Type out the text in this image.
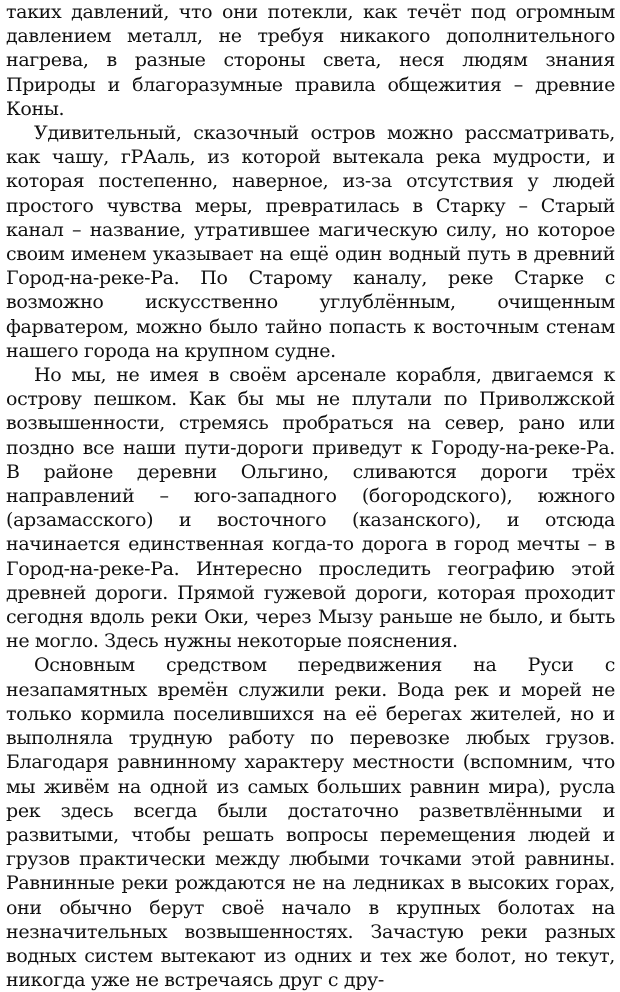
таких давлений, что они потекли, как течёт под огромным давлением металл, не требуя никакого дополнительного нагрева, в разные стороны света, неся людям знания Природы и благоразумные правила общежития – древние Коны.

Удивительный, сказочный остров можно рассматривать, как чашу, гРАаль, из которой вытекала река мудрости, и которая постепенно, наверное, из-за отсутствия у людей простого чувства меры, превратилась в Старку – Старый канал – название, утратившее магическую силу, но которое своим именем указывает на ещё один водный путь в древний Город-на-реке-Ра. По Старому каналу, реке Старке с возможно искусственно углублённым, очищенным фарватером, можно было тайно попасть к восточным стенам нашего города на крупном судне.

Но мы, не имея в своём арсенале корабля, двигаемся к острову пешком. Как бы мы не плутали по Приволжской возвышенности, стремясь пробраться на север, рано или поздно все наши пути-дороги приведут к Городу-на-реке-Ра. В районе деревни Ольгино, сливаются дороги трёх направлений – юго-западного (богородского), южного (арзамасского) и восточного (казанского), и отсюда начинается единственная когда-то дорога в город мечты – в Город-на-реке-Ра. Интересно проследить географию этой древней дороги. Прямой гужевой дороги, которая проходит сегодня вдоль реки Оки, через Мызу раньше не было, и быть не могло. Здесь нужны некоторые пояснения.

Основным средством передвижения на Руси с незапамятных времён служили реки. Вода рек и морей не только кормила поселившихся на её берегах жителей, но и выполняла трудную работу по перевозке любых грузов. Благодаря равнинному характеру местности (вспомним, что мы живём на одной из самых больших равнин мира), русла рек здесь всегда были достаточно разветвлёнными и развитыми, чтобы решать вопросы перемещения людей и грузов практически между любыми точками этой равнины. Равнинные реки рождаются не на ледниках в высоких горах, они обычно берут своё начало в крупных болотах на незначительных возвышенностях. Зачастую реки разных водных систем вытекают из одних и тех же болот, но текут, никогда уже не встречаясь друг с дру-
